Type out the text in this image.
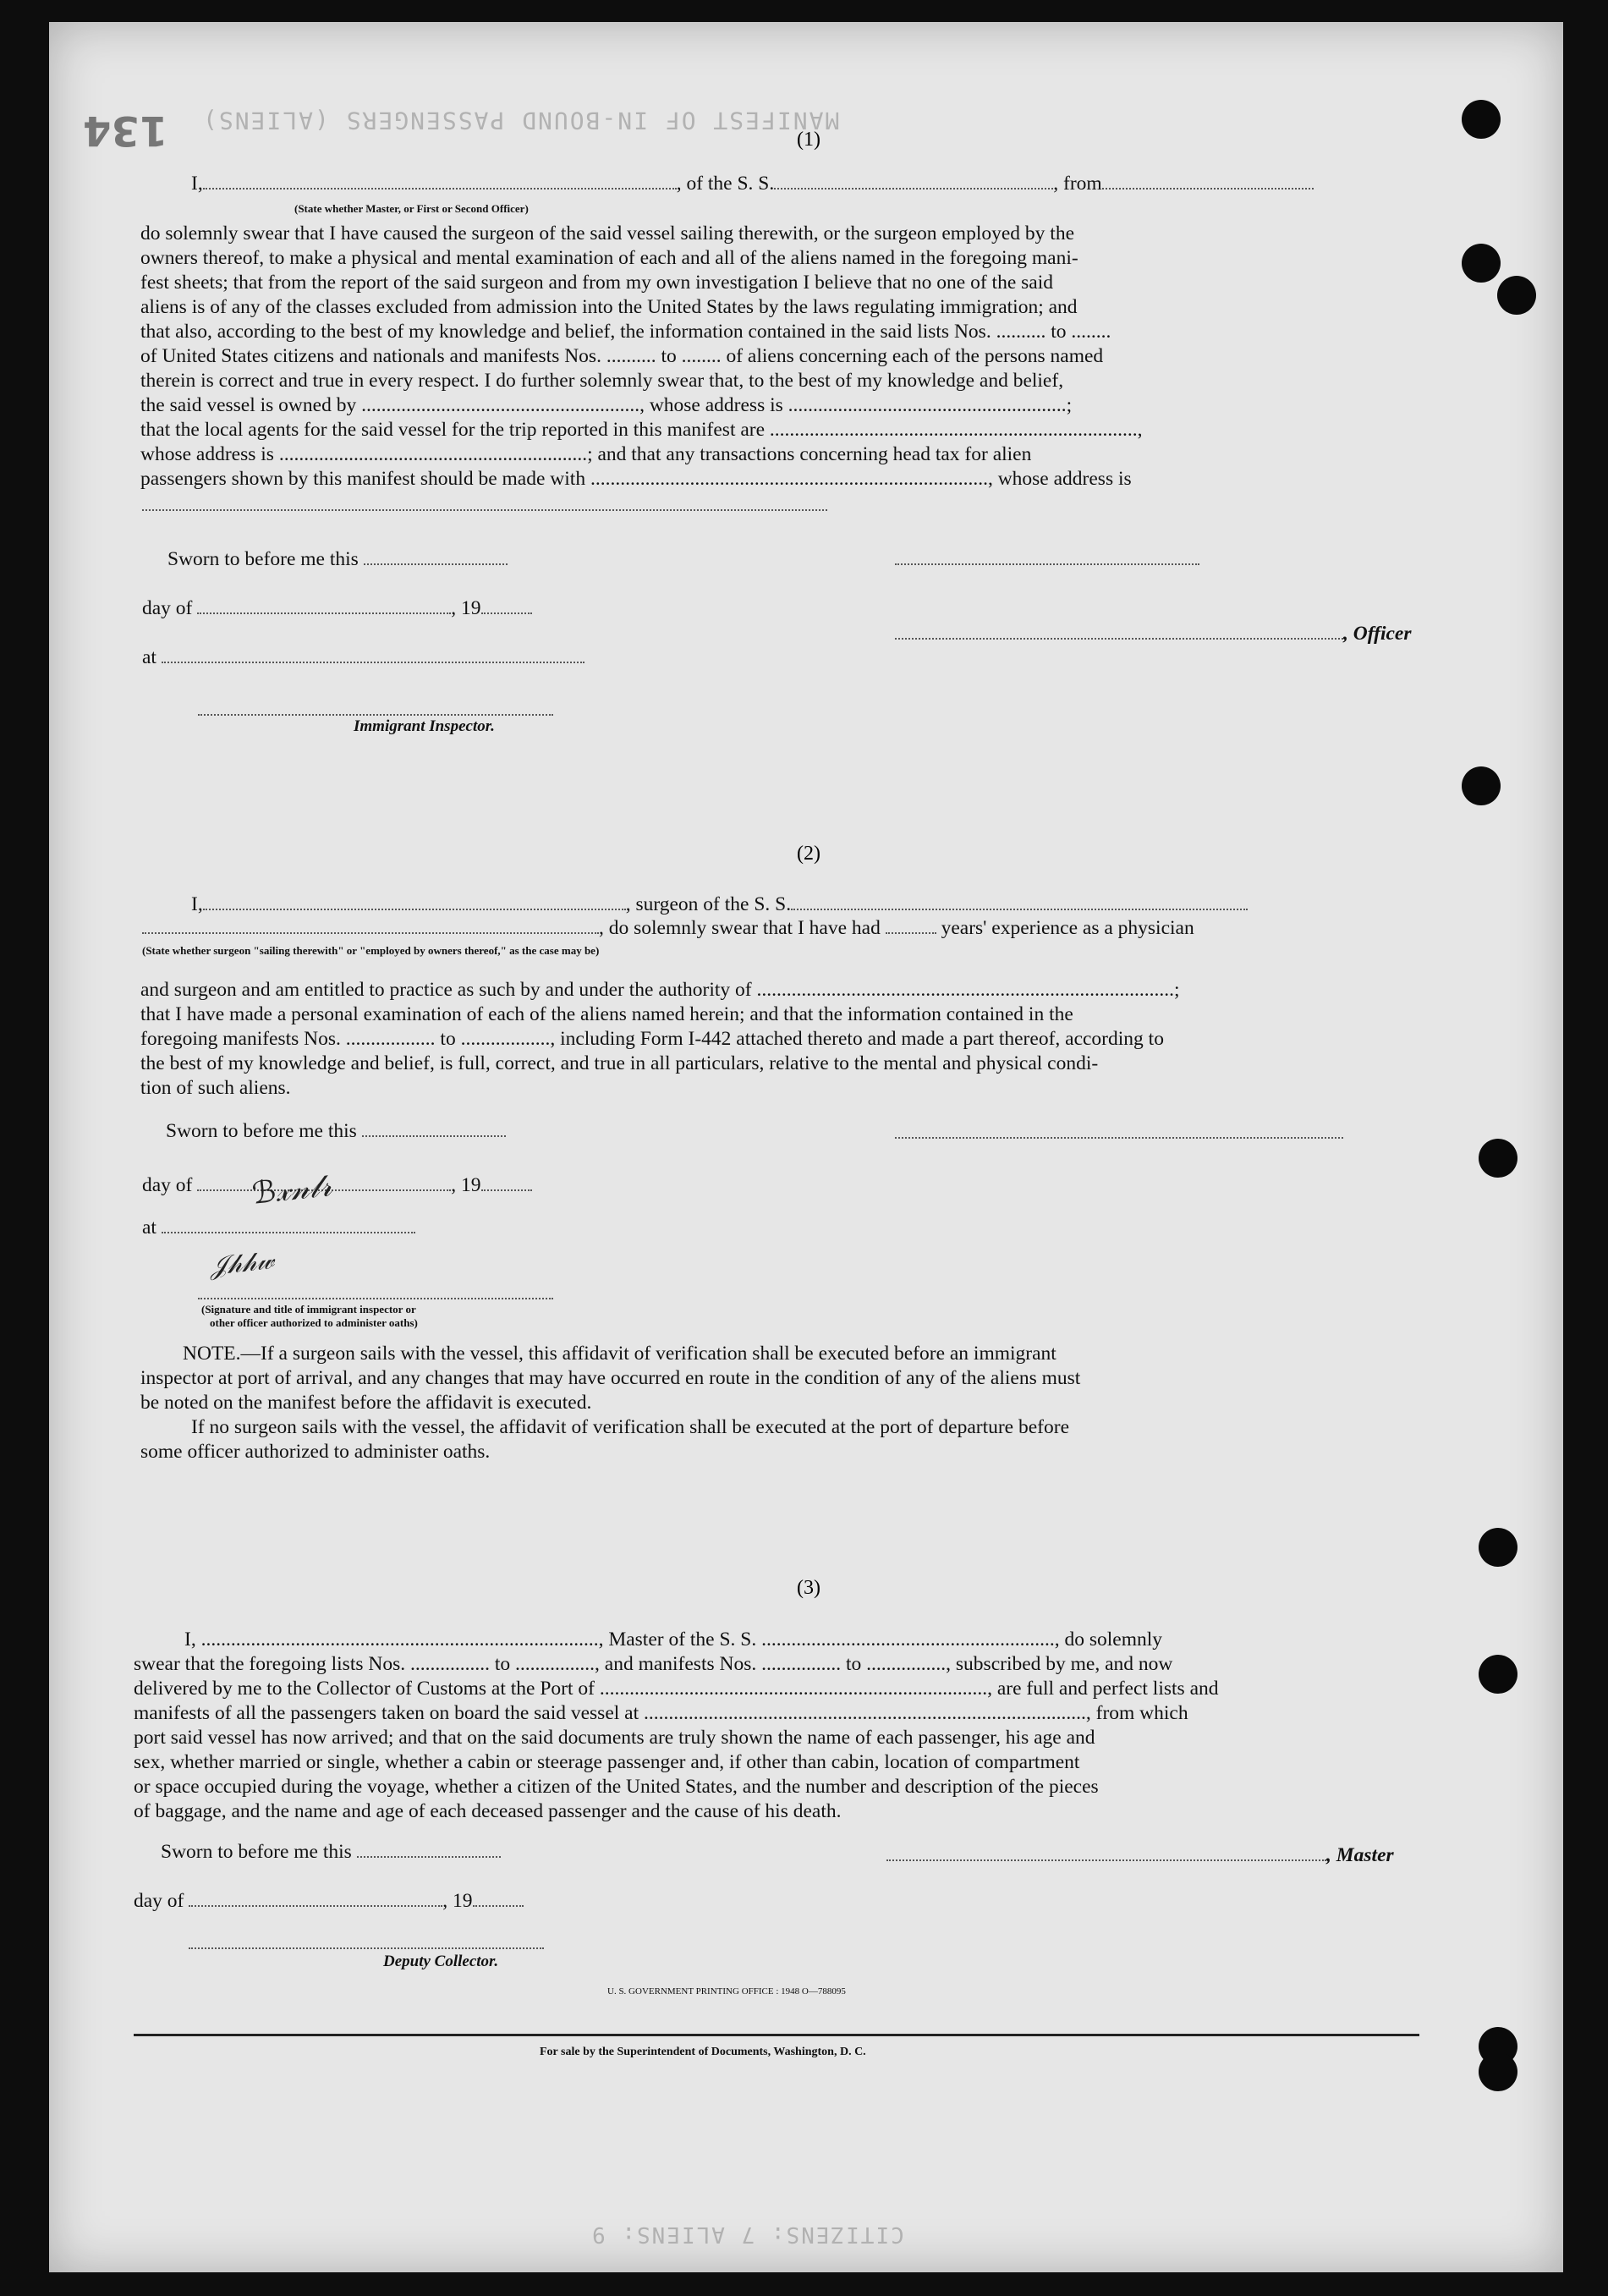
MANIFEST OF IN-BOUND PASSENGERS (ALIENS)
CITIZENS: 7 ALIENS: 9
134	(1)

I,	, of the S. S.	, from
(State whether Master, or First or Second Officer)

do solemnly swear that I have caused the surgeon of the said vessel sailing therewith, or the surgeon employed by the

owners thereof, to make a physical and mental examination of each and all of the aliens named in the foregoing mani-

fest sheets; that from the report of the said surgeon and from my own investigation I believe that no one of the said

aliens is of any of the classes excluded from admission into the United States by the laws regulating immigration; and

that also, according to the best of my knowledge and belief, the information contained in the said lists Nos. .......... to ........

of United States citizens and nationals and manifests Nos. .......... to ........ of aliens concerning each of the persons named

therein is correct and true in every respect. I do further solemnly swear that, to the best of my knowledge and belief,

the said vessel is owned by ........................................................, whose address is ........................................................;

that the local agents for the said vessel for the trip reported in this manifest are ..........................................................................,

whose address is ..............................................................; and that any transactions concerning head tax for alien

passengers shown by this manifest should be made with ................................................................................, whose address is

Sworn to before me this
day of	, 19
at
, Officer
Immigrant Inspector.

(2)

I,	, surgeon of the S. S.
, do solemnly swear that I have had	years' experience as a physician
(State whether surgeon "sailing therewith" or "employed by owners thereof," as the case may be)

and surgeon and am entitled to practice as such by and under the authority of ....................................................................................;

that I have made a personal examination of each of the aliens named herein; and that the information contained in the

foregoing manifests Nos. .................. to .................., including Form I-442 attached thereto and made a part thereof, according to

the best of my knowledge and belief, is full, correct, and true in all particulars, relative to the mental and physical condi-

tion of such aliens.

Sworn to before me this
day of	, 19
ℬ𝓍𝓃𝓁𝓇
at
𝒥𝒽𝒽𝓌
(Signature and title of immigrant inspector or
other officer authorized to administer oaths)

NOTE.—If a surgeon sails with the vessel, this affidavit of verification shall be executed before an immigrant

inspector at port of arrival, and any changes that may have occurred en route in the condition of any of the aliens must

be noted on the manifest before the affidavit is executed.

If no surgeon sails with the vessel, the affidavit of verification shall be executed at the port of departure before

some officer authorized to administer oaths.

(3)

I, ................................................................................, Master of the S. S. ..........................................................., do solemnly

swear that the foregoing lists Nos. ................ to ................, and manifests Nos. ................ to ................, subscribed by me, and now

delivered by me to the Collector of Customs at the Port of .............................................................................., are full and perfect lists and

manifests of all the passengers taken on board the said vessel at ........................................................................................., from which

port said vessel has now arrived; and that on the said documents are truly shown the name of each passenger, his age and

sex, whether married or single, whether a cabin or steerage passenger and, if other than cabin, location of compartment

or space occupied during the voyage, whether a citizen of the United States, and the number and description of the pieces

of baggage, and the name and age of each deceased passenger and the cause of his death.

Sworn to before me this	, Master
day of	, 19
Deputy Collector.
U. S. GOVERNMENT PRINTING OFFICE : 1948 O—788095
For sale by the Superintendent of Documents, Washington, D. C.
